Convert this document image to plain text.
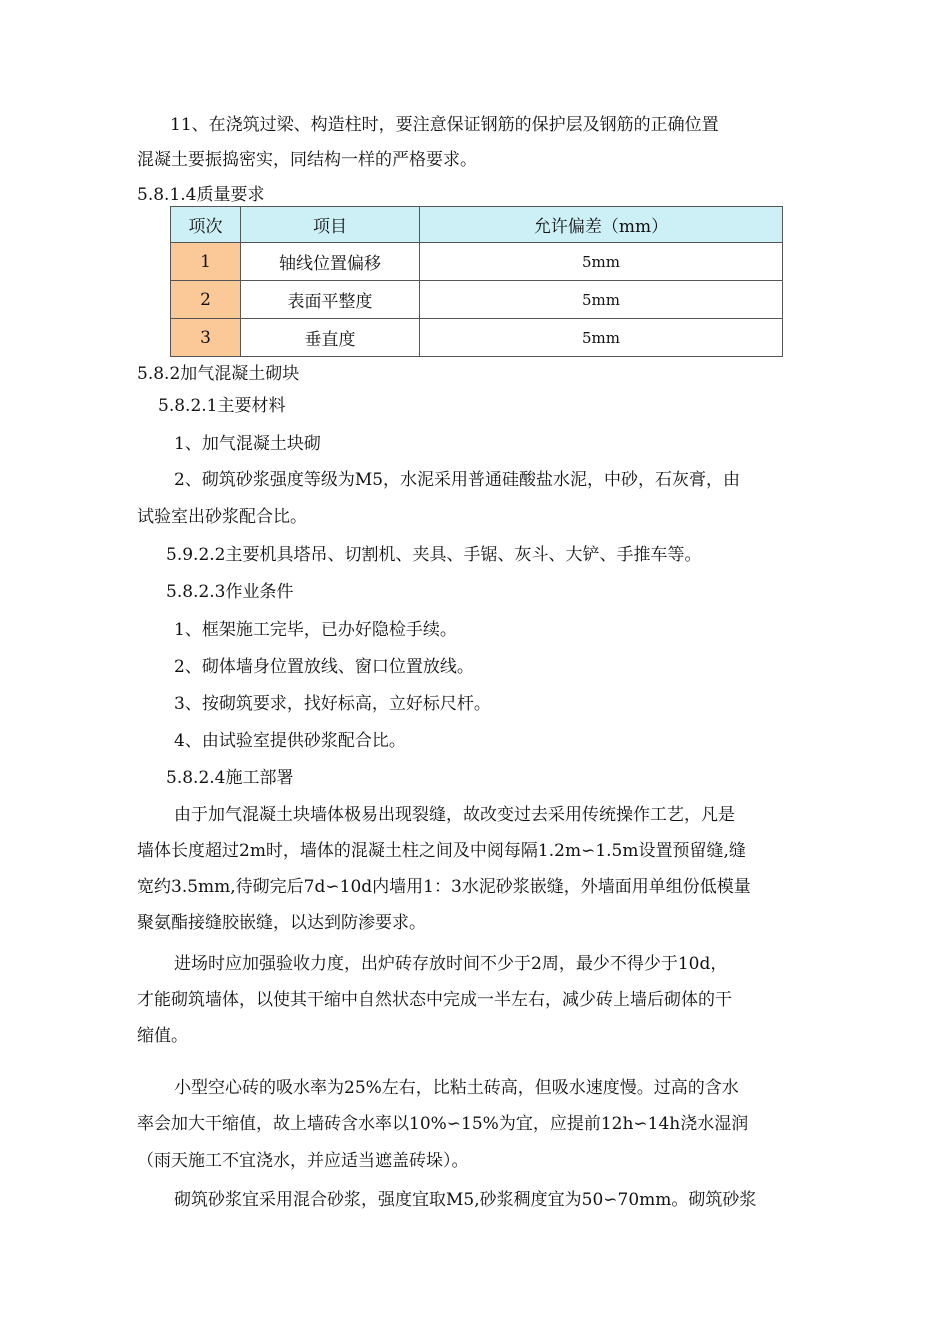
11、在浇筑过梁、构造柱时，要注意保证钢筋的保护层及钢筋的正确位置
混凝土要振捣密实，同结构一样的严格要求。
5.8.1.4质量要求
项次	项目	允许偏差（mm）
1	轴线位置偏移	5mm
2	表面平整度	5mm
3	垂直度	5mm
5.8.2加气混凝土砌块
5.8.2.1主要材料
1、加气混凝土块砌
2、砌筑砂浆强度等级为M5，水泥采用普通硅酸盐水泥，中砂，石灰膏，由
试验室出砂浆配合比。
5.9.2.2主要机具塔吊、切割机、夹具、手锯、灰斗、大铲、手推车等。
5.8.2.3作业条件
1、框架施工完毕，已办好隐检手续。
2、砌体墙身位置放线、窗口位置放线。
3、按砌筑要求，找好标高，立好标尺杆。
4、由试验室提供砂浆配合比。
5.8.2.4施工部署
由于加气混凝土块墙体极易出现裂缝，故改变过去采用传统操作工艺，凡是
墙体长度超过2m时，墙体的混凝土柱之间及中阅每隔1.2m∽1.5m设置预留缝,缝
宽约3.5mm,待砌完后7d∽10d内墙用1：3水泥砂浆嵌缝，外墙面用单组份低模量
聚氨酯接缝胶嵌缝，以达到防渗要求。
进场时应加强验收力度，出炉砖存放时间不少于2周，最少不得少于10d，
才能砌筑墙体，以使其干缩中自然状态中完成一半左右，减少砖上墙后砌体的干
缩值。
小型空心砖的吸水率为25%左右，比粘土砖高，但吸水速度慢。过高的含水
率会加大干缩值，故上墙砖含水率以10%∽15%为宜，应提前12h∽14h浇水湿润
（雨天施工不宜浇水，并应适当遮盖砖垛）。
砌筑砂浆宜采用混合砂浆，强度宜取M5,砂浆稠度宜为50∽70mm。砌筑砂浆
